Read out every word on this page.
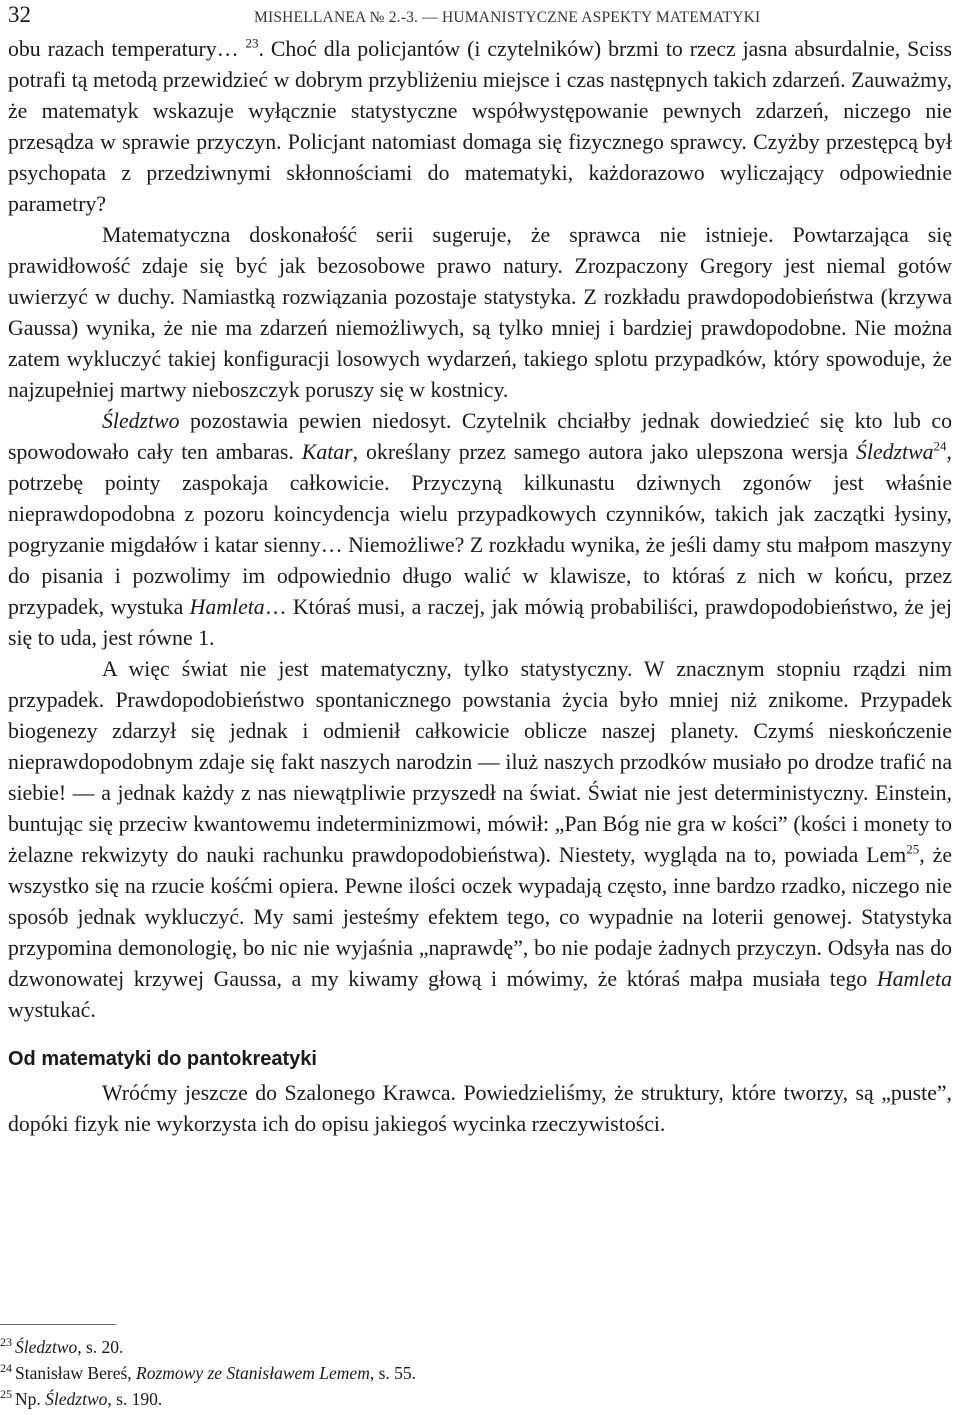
32	MISHELLANEA № 2.-3. — HUMANISTYCZNE ASPEKTY MATEMATYKI

obu razach temperatury… $^{23}$. Choć dla policjantów (i czytelników) brzmi to rzecz jasna absurdalnie, Sciss potrafi tą metodą przewidzieć w dobrym przybliżeniu miejsce i czas następnych takich zdarzeń. Zauważmy, że matematyk wskazuje wyłącznie statystyczne współwystępowanie pewnych zdarzeń, niczego nie przesądza w sprawie przyczyn. Policjant natomiast domaga się fizycznego sprawcy. Czyżby przestępcą był psychopata z przedziwnymi skłonnościami do matematyki, każdorazowo wyliczający odpowiednie parametry?

Matematyczna doskonałość serii sugeruje, że sprawca nie istnieje. Powtarzająca się prawidłowość zdaje się być jak bezosobowe prawo natury. Zrozpaczony Gregory jest niemal gotów uwierzyć w duchy. Namiastką rozwiązania pozostaje statystyka. Z rozkładu prawdopodobieństwa (krzywa Gaussa) wynika, że nie ma zdarzeń niemożliwych, są tylko mniej i bardziej prawdopodobne. Nie można zatem wykluczyć takiej konfiguracji losowych wydarzeń, takiego splotu przypadków, który spowoduje, że najzupełniej martwy nieboszczyk poruszy się w kostnicy.

Śledztwo pozostawia pewien niedosyt. Czytelnik chciałby jednak dowiedzieć się kto lub co spowodowało cały ten ambaras. Katar, określany przez samego autora jako ulepszona wersja Śledztwa$^{24}$, potrzebę pointy zaspokaja całkowicie. Przyczyną kilkunastu dziwnych zgonów jest właśnie nieprawdopodobna z pozoru koincydencja wielu przypadkowych czynników, takich jak zaczątki łysiny, pogryzanie migdałów i katar sienny… Niemożliwe? Z rozkładu wynika, że jeśli damy stu małpom maszyny do pisania i pozwolimy im odpowiednio długo walić w klawisze, to któraś z nich w końcu, przez przypadek, wystuka Hamleta… Któraś musi, a raczej, jak mówią probabiliści, prawdopodobieństwo, że jej się to uda, jest równe 1.

A więc świat nie jest matematyczny, tylko statystyczny. W znacznym stopniu rządzi nim przypadek. Prawdopodobieństwo spontanicznego powstania życia było mniej niż znikome. Przypadek biogenezy zdarzył się jednak i odmienił całkowicie oblicze naszej planety. Czymś nieskończenie nieprawdopodobnym zdaje się fakt naszych narodzin — iluż naszych przodków musiało po drodze trafić na siebie! — a jednak każdy z nas niewątpliwie przyszedł na świat. Świat nie jest deterministyczny. Einstein, buntując się przeciw kwantowemu indeterminizmowi, mówił: „Pan Bóg nie gra w kości” (kości i monety to żelazne rekwizyty do nauki rachunku prawdopodobieństwa). Niestety, wygląda na to, powiada Lem$^{25}$, że wszystko się na rzucie kośćmi opiera. Pewne ilości oczek wypadają często, inne bardzo rzadko, niczego nie sposób jednak wykluczyć. My sami jesteśmy efektem tego, co wypadnie na loterii genowej. Statystyka przypomina demonologię, bo nic nie wyjaśnia „naprawdę”, bo nie podaje żadnych przyczyn. Odsyła nas do dzwonowatej krzywej Gaussa, a my kiwamy głową i mówimy, że któraś małpa musiała tego Hamleta wystukać.

Od matematyki do pantokreatyki

Wróćmy jeszcze do Szalonego Krawca. Powiedzieliśmy, że struktury, które tworzy, są „puste”, dopóki fizyk nie wykorzysta ich do opisu jakiegoś wycinka rzeczywistości.

$^{23}$ Śledztwo, s. 20.
$^{24}$ Stanisław Bereś, Rozmowy ze Stanisławem Lemem, s. 55.
$^{25}$ Np. Śledztwo, s. 190.
